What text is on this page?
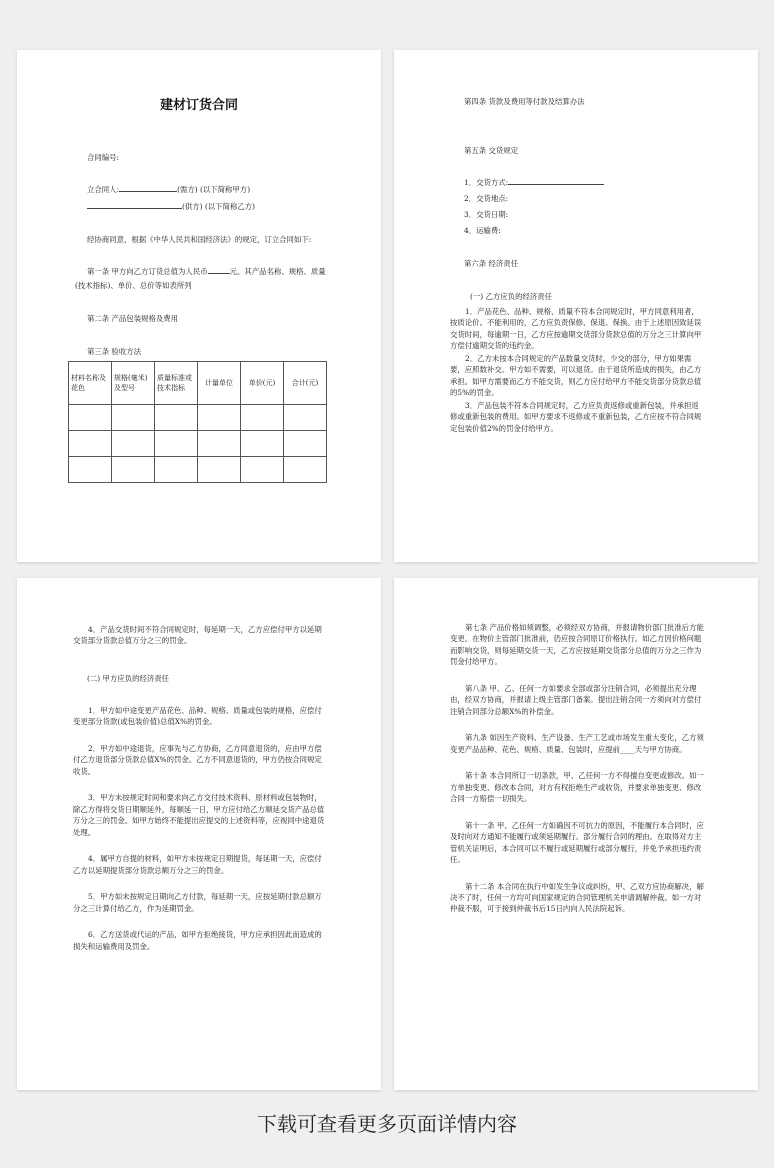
建材订货合同
合同编号:
立合同人:	(需方) (以下简称甲方)
(供方) (以下简称乙方)
经协商同意，根据《中华人民共和国经济法》的规定，订立合同如下:
第一条 甲方向乙方订货总值为人民币	元。其产品名称、规格、质量
(技术指标)、单价、总价等如表所列
第二条 产品包装规格及费用
第三条 验收方法
材料名称及花色	规格(毫米)及型号	质量标准或技术指标	计量单位	单价(元)	合计(元)

第四条 货款及费用等付款及结算办法
第五条 交货规定
1．交货方式:
2．交货地点:
3．交货日期:
4．运输费:
第六条 经济责任
(一) 乙方应负的经济责任

1．产品花色、品种、规格、质量不符本合同规定时，甲方同意利用者，按质论价。不能利用的，乙方应负责保修、保退、保换。由于上述原因致延误交货时间，每逾期一日，乙方应按逾期交货部分货款总值的万分之三计算向甲方偿付逾期交货的违约金。

2．乙方未按本合同规定的产品数量交货时，少交的部分，甲方如果需要，应照数补交。甲方如不需要，可以退货。由于退货所造成的损失，由乙方承担。如甲方需要而乙方不能交货，则乙方应付给甲方不能交货部分货款总值的5%的罚金。

3．产品包装不符本合同规定时，乙方应负责返修或重新包装，并承担返修或重新包装的费用。如甲方要求不返修或不重新包装，乙方应按不符合同规定包装价值2%的罚金付给甲方。

4．产品交货时间不符合同规定时，每延期一天，乙方应偿付甲方以延期交货部分货款总值万分之三的罚金。

(二) 甲方应负的经济责任

1．甲方如中途变更产品花色、品种、规格、质量或包装的规格，应偿付变更部分货款(或包装价值)总值X%的罚金。

2．甲方如中途退货，应事先与乙方协商，乙方同意退货的，应由甲方偿付乙方退货部分货款总值X%的罚金。乙方不同意退货的，甲方仍按合同规定收货。

3．甲方未按规定时间和要求向乙方交付技术资料、原材料或包装物时，除乙方得将交货日期顺延外，每顺延一日，甲方应付给乙方顺延交货产品总值万分之三的罚金。如甲方始终不能提出应提交的上述资料等，应视同中途退货处理。

4．属甲方自提的材料，如甲方未按规定日期提货，每延期一天，应偿付乙方以延期提货部分货款总额万分之三的罚金。

5．甲方如未按规定日期向乙方付款，每延期一天，应按延期付款总额万分之三计算付给乙方，作为延期罚金。

6．乙方送货或代运的产品，如甲方拒绝接货，甲方应承担因此而造成的损失和运输费用及罚金。

第七条 产品价格如须调整，必须经双方协商，并报请物价部门批准后方能变更。在物价主管部门批准前，仍应按合同原订价格执行。如乙方因价格问题而影响交货，则每延期交货一天，乙方应按延期交货部分总值的万分之三作为罚金付给甲方。

第八条 甲、乙、任何一方如要求全部或部分注销合同，必须提出充分理由，经双方协商，并报请上级主管部门备案。提出注销合同一方须向对方偿付注销合同部分总额X%的补偿金。

第九条 如因生产资料、生产设备、生产工艺或市场发生重大变化，乙方须变更产品品种、花色、规格、质量、包装时，应提前____天与甲方协商。

第十条 本合同所订一切条款，甲、乙任何一方不得擅自变更或修改。如一方单独变更、修改本合同，对方有权拒绝生产或收货，并要求单独变更、修改合同一方赔偿一切损失。

第十一条 甲、乙任何一方如确因不可抗力的原因，不能履行本合同时，应及时向对方通知不能履行或须延期履行、部分履行合同的理由。在取得对方主管机关证明后，本合同可以不履行或延期履行或部分履行，并免予承担违约责任。

第十二条 本合同在执行中如发生争议或纠纷，甲、乙双方应协商解决，解决不了时，任何一方均可向国家规定的合同管理机关申请调解仲裁。如一方对仲裁不服，可于接到仲裁书后15日内向人民法院起诉。

下载可查看更多页面详情内容
